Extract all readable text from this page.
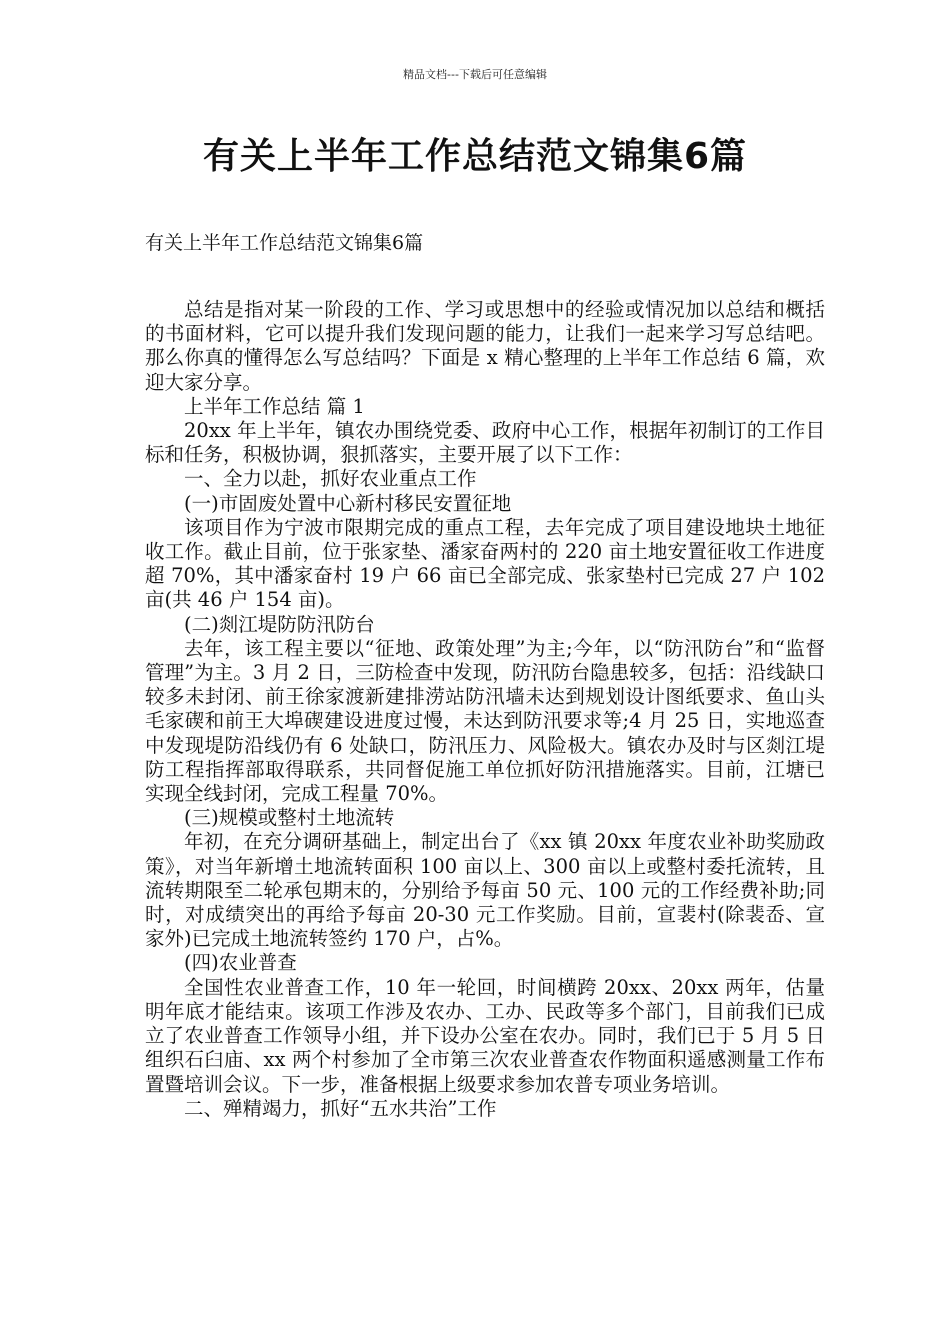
精品文档---下载后可任意编辑
有关上半年工作总结范文锦集6篇
有关上半年工作总结范文锦集6篇

总结是指对某一阶段的工作、学习或思想中的经验或情况加以总结和概括的书面材料，它可以提升我们发现问题的能力，让我们一起来学习写总结吧。那么你真的懂得怎么写总结吗？下面是 x 精心整理的上半年工作总结 6 篇，欢迎大家分享。

上半年工作总结 篇 1

20xx 年上半年，镇农办围绕党委、政府中心工作，根据年初制订的工作目标和任务，积极协调，狠抓落实，主要开展了以下工作：

一、全力以赴，抓好农业重点工作

(一)市固废处置中心新村移民安置征地

该项目作为宁波市限期完成的重点工程，去年完成了项目建设地块土地征收工作。截止目前，位于张家垫、潘家奋两村的 220 亩土地安置征收工作进度超 70%，其中潘家奋村 19 户 66 亩已全部完成、张家垫村已完成 27 户 102 亩(共 46 户 154 亩)。

(二)剡江堤防防汛防台

去年，该工程主要以“征地、政策处理”为主;今年，以“防汛防台”和“监督管理”为主。3 月 2 日，三防检查中发现，防汛防台隐患较多，包括：沿线缺口较多未封闭、前王徐家渡新建排涝站防汛墙未达到规划设计图纸要求、鱼山头毛家碶和前王大埠碶建设进度过慢，未达到防汛要求等;4 月 25 日，实地巡查中发现堤防沿线仍有 6 处缺口，防汛压力、风险极大。镇农办及时与区剡江堤防工程指挥部取得联系，共同督促施工单位抓好防汛措施落实。目前，江塘已实现全线封闭，完成工程量 70%。

(三)规模或整村土地流转

年初，在充分调研基础上，制定出台了《xx 镇 20xx 年度农业补助奖励政策》，对当年新增土地流转面积 100 亩以上、300 亩以上或整村委托流转，且流转期限至二轮承包期末的，分别给予每亩 50 元、100 元的工作经费补助;同时，对成绩突出的再给予每亩 20-30 元工作奖励。目前，宣裴村(除裴岙、宣家外)已完成土地流转签约 170 户，占%。

(四)农业普查

全国性农业普查工作，10 年一轮回，时间横跨 20xx、20xx 两年，估量明年底才能结束。该项工作涉及农办、工办、民政等多个部门，目前我们已成立了农业普查工作领导小组，并下设办公室在农办。同时，我们已于 5 月 5 日组织石臼庙、xx 两个村参加了全市第三次农业普查农作物面积遥感测量工作布置暨培训会议。下一步，准备根据上级要求参加农普专项业务培训。

二、殚精竭力，抓好“五水共治”工作
